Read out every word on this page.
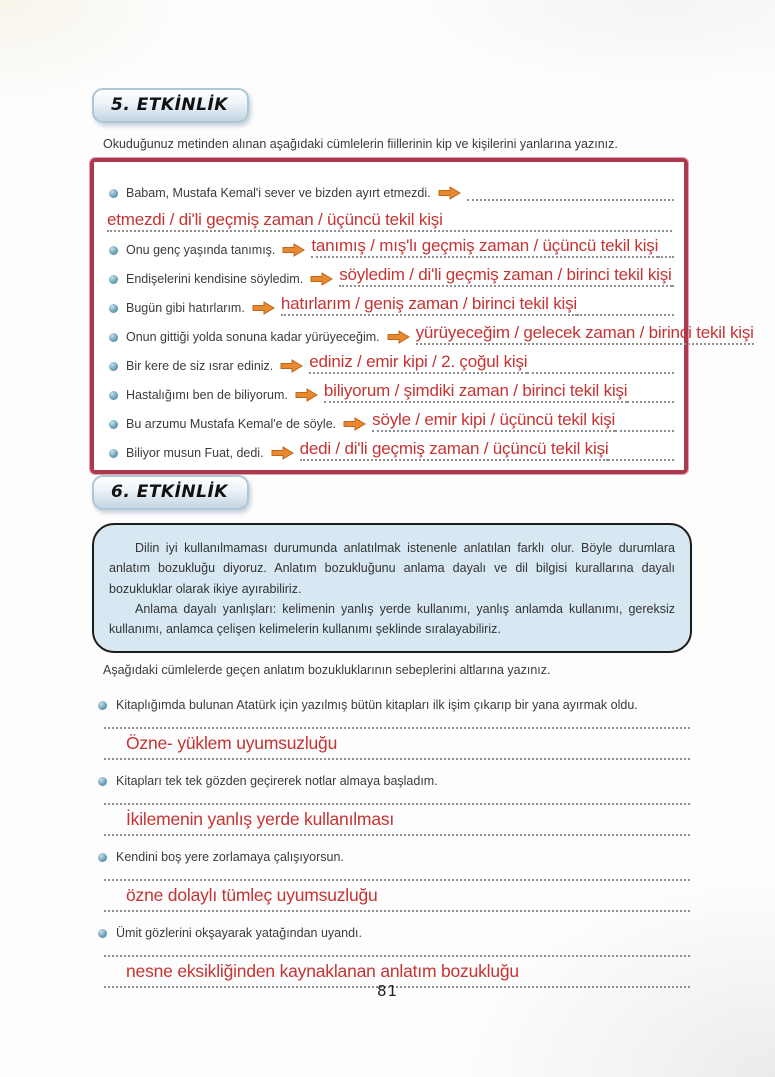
5. ETKİNLİK
Okuduğunuz metinden alınan aşağıdaki cümlelerin fiillerinin kip ve kişilerini yanlarına yazınız.
Babam, Mustafa Kemal'i sever ve bizden ayırt etmezdi.
etmezdi / di'li geçmiş zaman / üçüncü tekil kişi
Onu genç yaşında tanımış. tanımış / mış'lı geçmiş zaman / üçüncü tekil kişi
Endişelerini kendisine söyledim. söyledim / di'li geçmiş zaman / birinci tekil kişi
Bugün gibi hatırlarım. hatırlarım / geniş zaman / birinci tekil kişi
Onun gittiği yolda sonuna kadar yürüyeceğim. yürüyeceğim / gelecek zaman / birinci tekil kişi
Bir kere de siz ısrar ediniz. ediniz / emir kipi / 2. çoğul kişi
Hastalığımı ben de biliyorum. biliyorum / şimdiki zaman / birinci tekil kişi
Bu arzumu Mustafa Kemal'e de söyle. söyle / emir kipi / üçüncü tekil kişi
Biliyor musun Fuat, dedi. dedi / di'li geçmiş zaman / üçüncü tekil kişi
6. ETKİNLİK

Dilin iyi kullanılmaması durumunda anlatılmak istenenle anlatılan farklı olur. Böyle durumlara anlatım bozukluğu diyoruz. Anlatım bozukluğunu anlama dayalı ve dil bilgisi kurallarına dayalı bozukluklar olarak ikiye ayırabiliriz.

Anlama dayalı yanlışları: kelimenin yanlış yerde kullanımı, yanlış anlamda kullanımı, gereksiz kullanımı, anlamca çelişen kelimelerin kullanımı şeklinde sıralayabiliriz.

Aşağıdaki cümlelerde geçen anlatım bozukluklarının sebeplerini altlarına yazınız.
Kitaplığımda bulunan Atatürk için yazılmış bütün kitapları ilk işim çıkarıp bir yana ayırmak oldu.
Özne- yüklem uyumsuzluğu
Kitapları tek tek gözden geçirerek notlar almaya başladım.
İkilemenin yanlış yerde kullanılması
Kendini boş yere zorlamaya çalışıyorsun.
özne dolaylı tümleç uyumsuzluğu
Ümit gözlerini okşayarak yatağından uyandı.
nesne eksikliğinden kaynaklanan anlatım bozukluğu
81
